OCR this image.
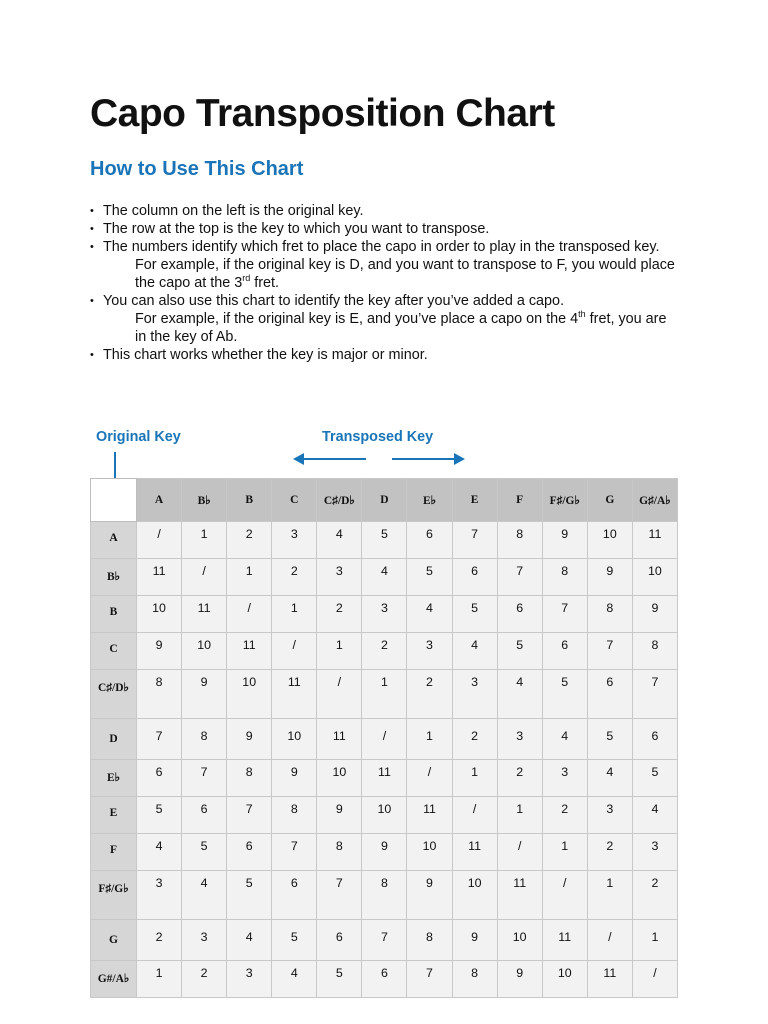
Capo Transposition Chart
How to Use This Chart
• The column on the left is the original key.
• The row at the top is the key to which you want to transpose.
• The numbers identify which fret to place the capo in order to play in the transposed key.
For example, if the original key is D, and you want to transpose to F, you would place the capo at the 3rd fret.
• You can also use this chart to identify the key after you’ve added a capo.
For example, if the original key is E, and you’ve place a capo on the 4th fret, you are in the key of Ab.
• This chart works whether the key is major or minor.
Original Key	Transposed Key
	A	B♭	B	C	C♯/D♭	D	E♭	E	F	F♯/G♭	G	G♯/A♭
A	/	1	2	3	4	5	6	7	8	9	10	11
B♭	11	/	1	2	3	4	5	6	7	8	9	10
B	10	11	/	1	2	3	4	5	6	7	8	9
C	9	10	11	/	1	2	3	4	5	6	7	8
C♯/D♭	8	9	10	11	/	1	2	3	4	5	6	7
D	7	8	9	10	11	/	1	2	3	4	5	6
E♭	6	7	8	9	10	11	/	1	2	3	4	5
E	5	6	7	8	9	10	11	/	1	2	3	4
F	4	5	6	7	8	9	10	11	/	1	2	3
F♯/G♭	3	4	5	6	7	8	9	10	11	/	1	2
G	2	3	4	5	6	7	8	9	10	11	/	1
G#/A♭	1	2	3	4	5	6	7	8	9	10	11	/
